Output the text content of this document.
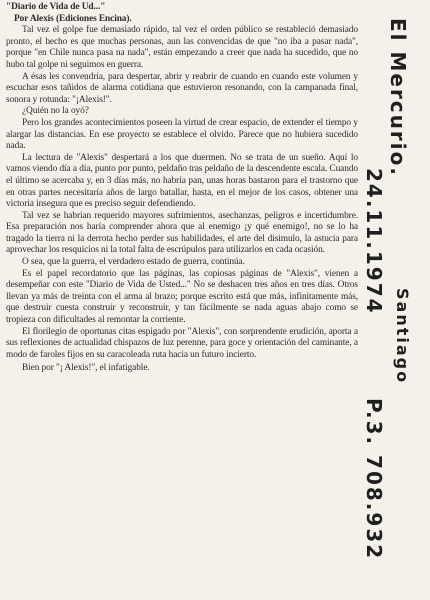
"Diario de Vida de Ud..."

Por Alexis (Ediciones Encina).

Tal vez el golpe fue demasiado rápido, tal vez el orden público se restableció demasiado pronto, el hecho es que muchas personas, aun las convencidas de que "no iba a pasar nada", porque "en Chile nunca pasa na nada", están empezando a creer que nada ha sucedido, que no hubo tal golpe ni seguimos en guerra.

A ésas les convendría, para despertar, abrir y reabrir de cuando en cuando este volumen y escuchar esos tañidos de alarma cotidiana que estuvieron resonando, con la campanada final, sonora y rotunda: "¡Alexis!".

¿Quién no la oyó?

Pero los grandes acontecimientos poseen la virtud de crear espacio, de extender el tiempo y alargar las distancias. En ese proyecto se establece el olvido. Parece que no hubiera sucedido nada.

La lectura de "Alexis" despertará a los que duermen. No se trata de un sueño. Aquí lo vamos viendo día a día, punto por punto, peldaño tras peldaño de la descendente escala. Cuando el último se acercaba y, en 3 días más, no habría pan, unas horas bastaron para el trastorno que en otras partes necesitaría años de largo batallar, hasta, en el mejor de los casos, obtener una victoria insegura que es preciso seguir defendiendo.

Tal vez se habrían requerido mayores sufrimientos, asechanzas, peligros e incertidumbre. Esa preparación nos haría comprender ahora que al enemigo ¡y qué enemigo!, no se lo ha tragado la tierra ni la derrota hecho perder sus habilidades, el arte del disimulo, la astucia para aprovechar los resquicios ni la total falta de escrúpulos para utilizarlos en cada ocasión.

O sea, que la guerra, el verdadero estado de guerra, continúa.

Es el papel recordatorio que las páginas, las copiosas páginas de "Alexis", vienen a desempeñar con este "Diario de Vida de Usted..." No se deshacen tres años en tres días. Otros llevan ya más de treinta con el arma al brazo; porque escrito está que más, infinitamente más, que destruir cuesta construir y reconstruir, y tan fácilmente se nada aguas abajo como se tropieza con dificultades al remontar la corriente.

El florilegio de oportunas citas espigado por "Alexis", con sorprendente erudición, aporta a sus reflexiones de actualidad chispazos de luz perenne, para goce y orientación del caminante, a modo de faroles fijos en su caracoleada ruta hacia un futuro incierto.

Bien por "¡ Alexis!", el infatigable.

El Mercurio.
24.11.1974
Santiago
P.3. 708.932
